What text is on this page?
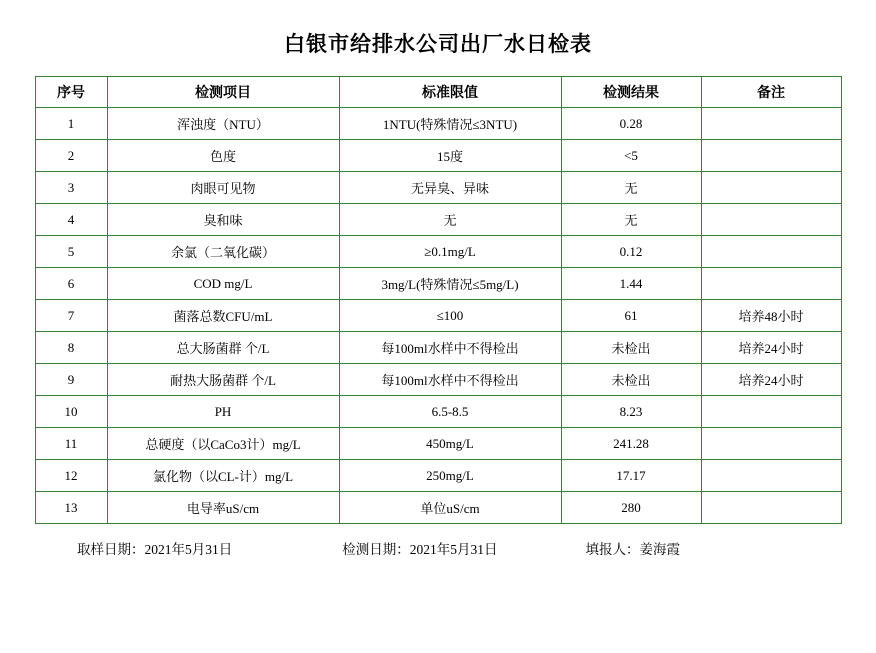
白银市给排水公司出厂水日检表
序号	检测项目	标准限值	检测结果	备注
1	浑浊度（NTU）	1NTU(特殊情况≤3NTU)	0.28	
2	色度	15度	<5	
3	肉眼可见物	无异臭、异味	无	
4	臭和味	无	无	
5	余氯（二氧化碳）	≥0.1mg/L	0.12	
6	COD mg/L	3mg/L(特殊情况≤5mg/L)	1.44	
7	菌落总数CFU/mL	≤100	61	培养48小时
8	总大肠菌群 个/L	每100ml水样中不得检出	未检出	培养24小时
9	耐热大肠菌群 个/L	每100ml水样中不得检出	未检出	培养24小时
10	PH	6.5-8.5	8.23	
11	总硬度（以CaCo3计）mg/L	450mg/L	241.28	
12	氯化物（以CL-计）mg/L	250mg/L	17.17	
13	电导率uS/cm	单位uS/cm	280	
取样日期：2021年5月31日	检测日期：2021年5月31日	填报人：姜海霞
